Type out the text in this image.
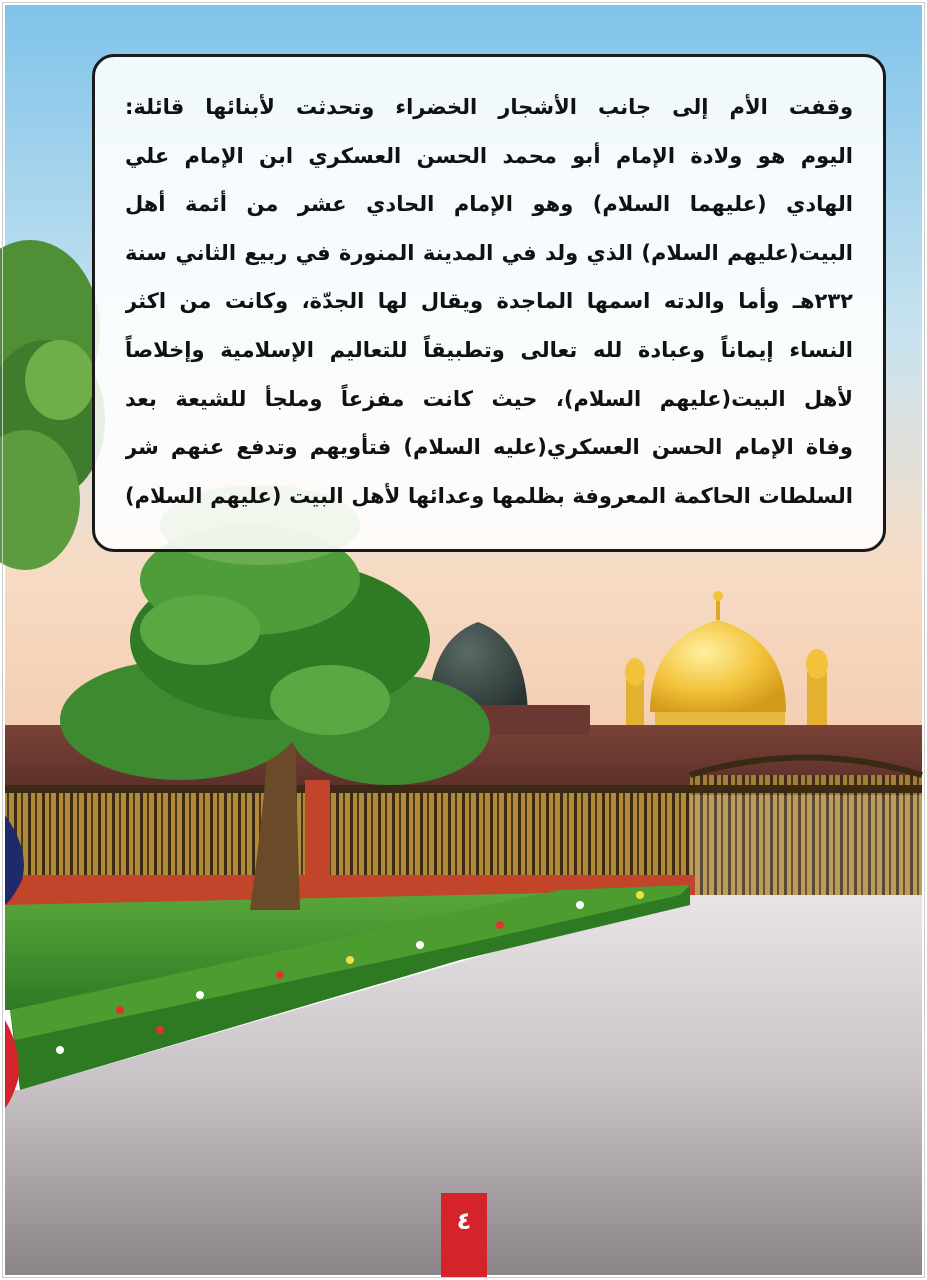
وقفت الأم إلى جانب الأشجار الخضراء وتحدثت لأبنائها قائلة:
اليوم هو ولادة الإمام أبو محمد الحسن العسكري ابن الإمام علي
الهادي (عليهما السلام) وهو الإمام الحادي عشر من أئمة أهل
البيت(عليهم السلام) الذي ولد في المدينة المنورة في ربيع الثاني سنة
٢٣٢هـ وأما والدته اسمها الماجدة ويقال لها الجدّة، وكانت من اكثر
النساء إيماناً وعبادة لله تعالى وتطبيقاً للتعاليم الإسلامية وإخلاصاً
لأهل البيت(عليهم السلام)، حيث كانت مفزعاً وملجأ للشيعة بعد
وفاة الإمام الحسن العسكري(عليه السلام) فتأويهم وتدفع عنهم شر
السلطات الحاكمة المعروفة بظلمها وعدائها لأهل البيت (عليهم السلام)
٤
